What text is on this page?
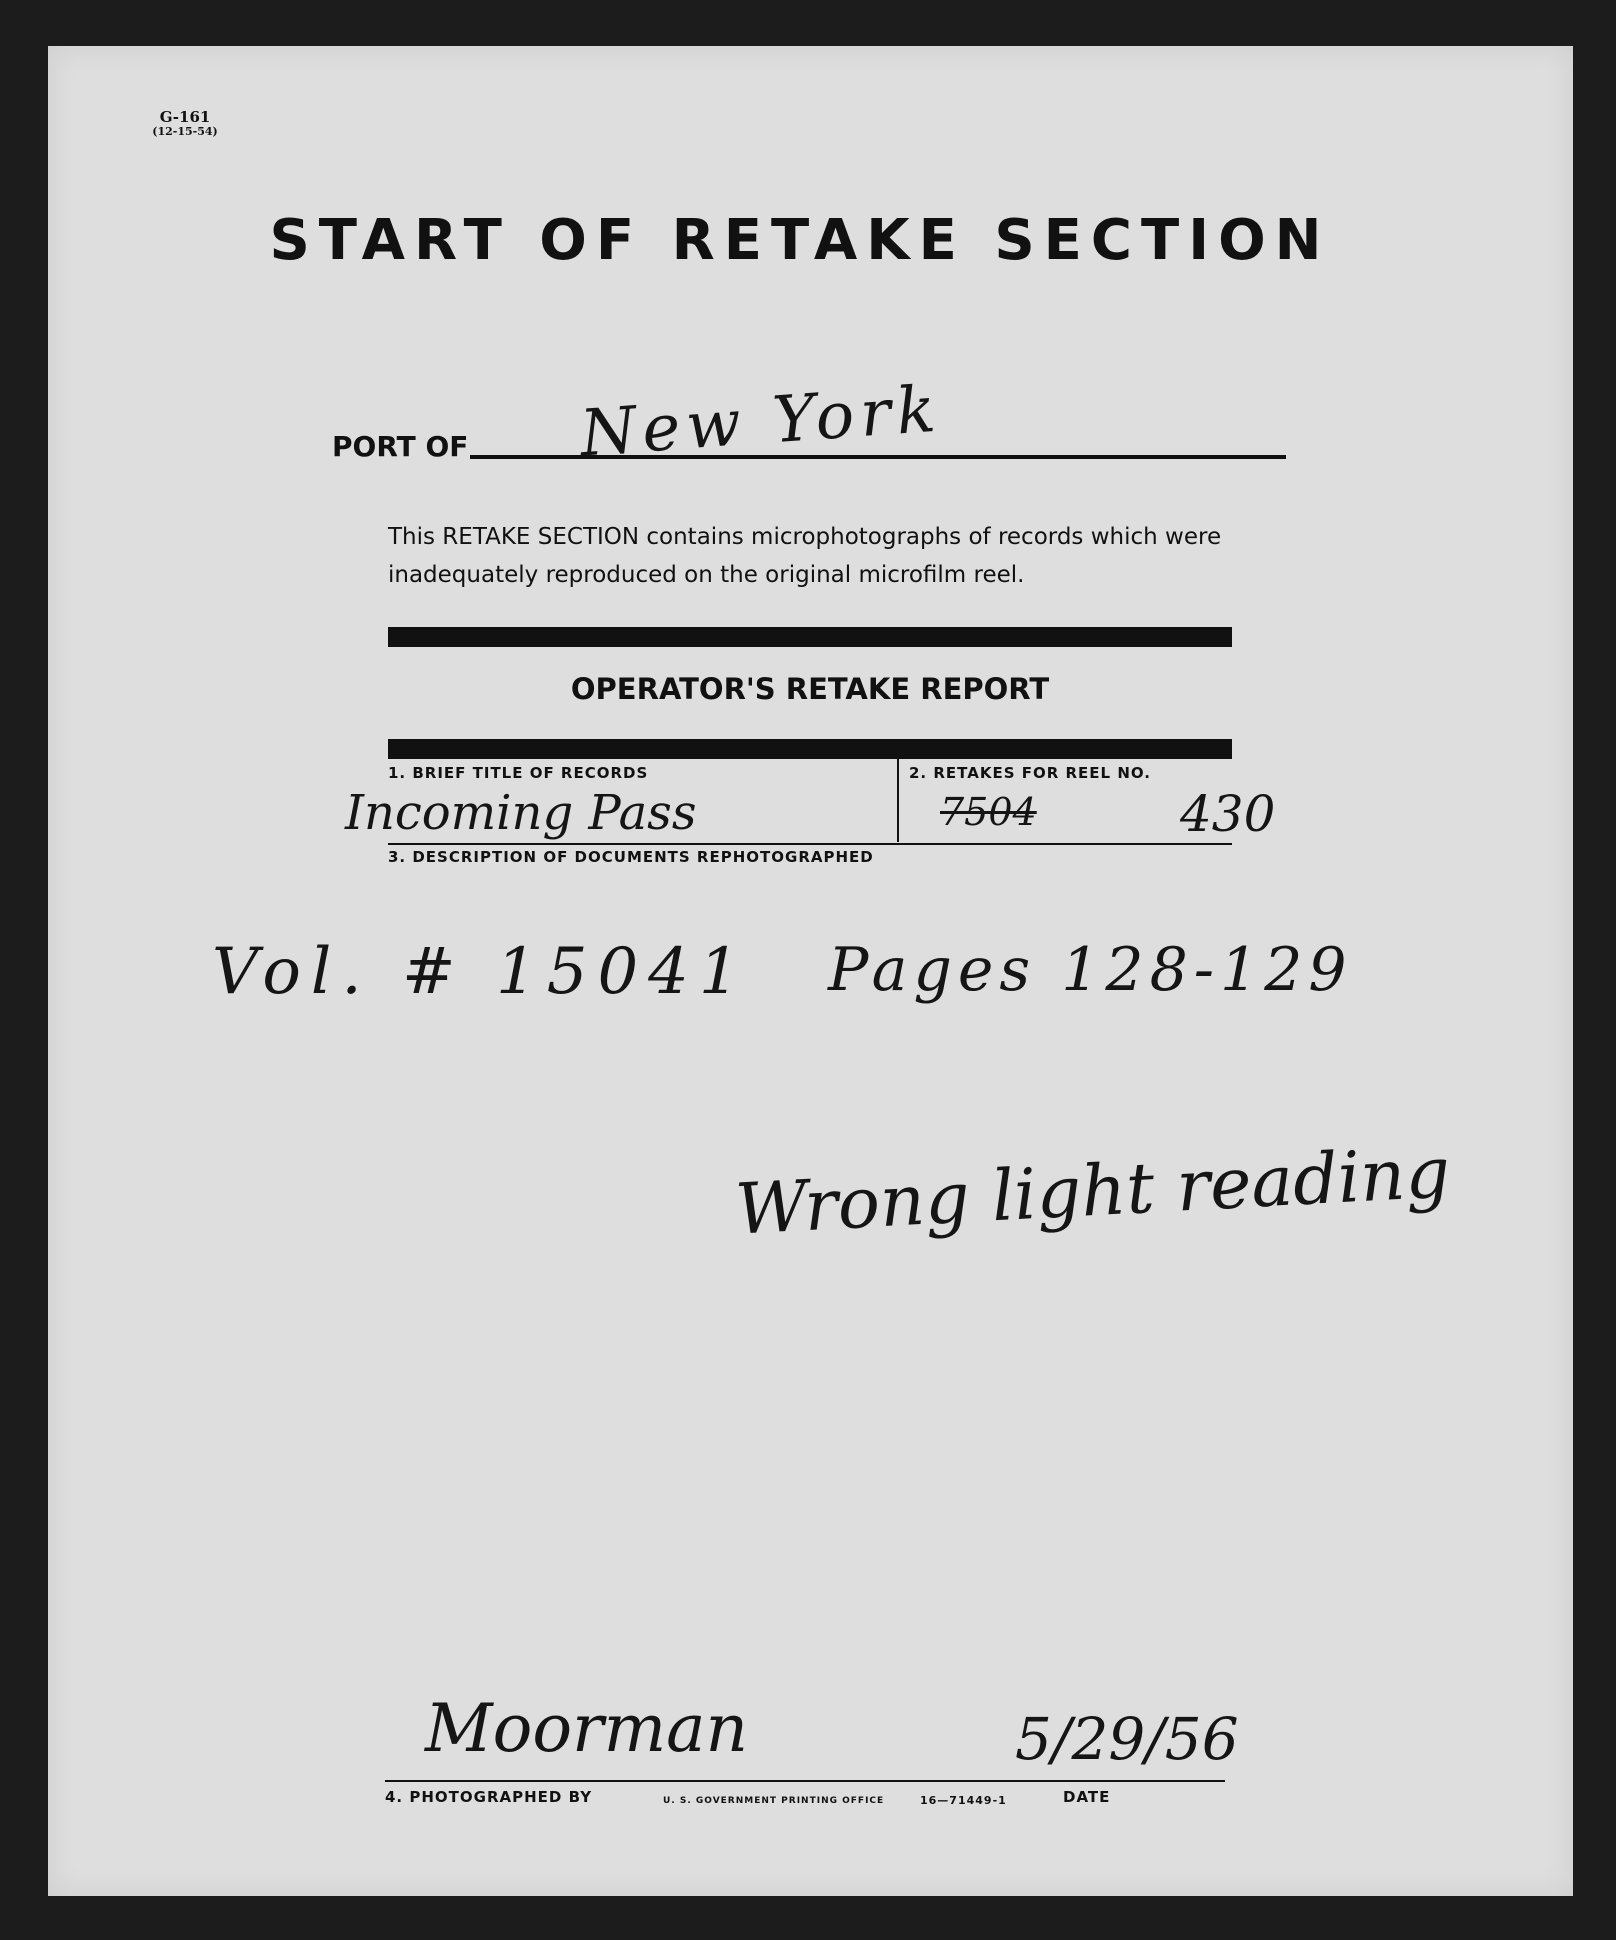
G-161
(12-15-54)
START OF RETAKE SECTION
PORT OF New York
This RETAKE SECTION contains microphotographs of records which were
inadequately reproduced on the original microfilm reel.
OPERATOR'S RETAKE REPORT
1. BRIEF TITLE OF RECORDS	2. RETAKES FOR REEL NO.
Incoming Pass	7504	430
3. DESCRIPTION OF DOCUMENTS REPHOTOGRAPHED
Vol. # 15041 Pages 128-129
Wrong light reading
Moorman	5/29/56
4. PHOTOGRAPHED BY	U. S. GOVERNMENT PRINTING OFFICE	16—71449-1	DATE
